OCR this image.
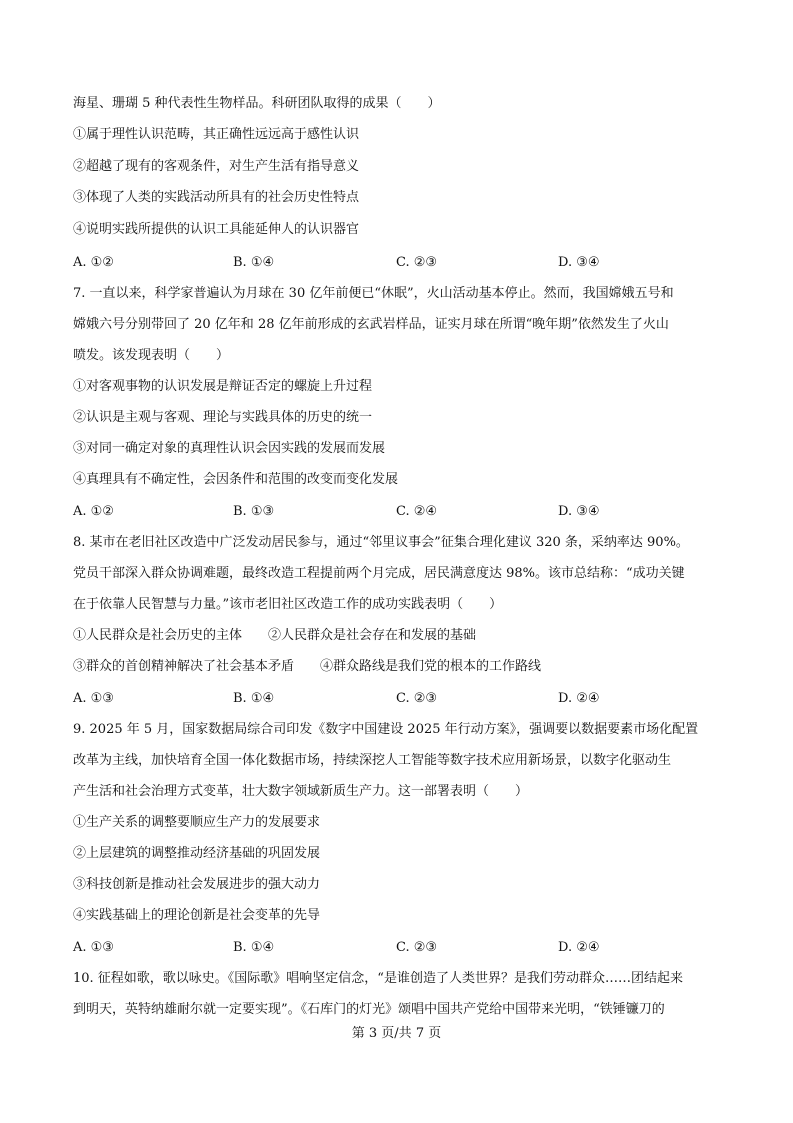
海星、珊瑚 5 种代表性生物样品。科研团队取得的成果（　　）
①属于理性认识范畴，其正确性远远高于感性认识
②超越了现有的客观条件，对生产生活有指导意义
③体现了人类的实践活动所具有的社会历史性特点
④说明实践所提供的认识工具能延伸人的认识器官
A. ①②	B. ①④	C. ②③	D. ③④
7. 一直以来，科学家普遍认为月球在 30 亿年前便已“休眠”，火山活动基本停止。然而，我国嫦娥五号和
嫦娥六号分别带回了 20 亿年和 28 亿年前形成的玄武岩样品，证实月球在所谓“晚年期”依然发生了火山
喷发。该发现表明（　　）
①对客观事物的认识发展是辩证否定的螺旋上升过程
②认识是主观与客观、理论与实践具体的历史的统一
③对同一确定对象的真理性认识会因实践的发展而发展
④真理具有不确定性，会因条件和范围的改变而变化发展
A. ①②	B. ①③	C. ②④	D. ③④
8. 某市在老旧社区改造中广泛发动居民参与，通过“邻里议事会”征集合理化建议 320 条，采纳率达 90%。
党员干部深入群众协调难题，最终改造工程提前两个月完成，居民满意度达 98%。该市总结称：“成功关键
在于依靠人民智慧与力量。”该市老旧社区改造工作的成功实践表明（　　）
①人民群众是社会历史的主体　　②人民群众是社会存在和发展的基础
③群众的首创精神解决了社会基本矛盾　　④群众路线是我们党的根本的工作路线
A. ①③	B. ①④	C. ②③	D. ②④
9. 2025 年 5 月，国家数据局综合司印发《数字中国建设 2025 年行动方案》，强调要以数据要素市场化配置
改革为主线，加快培育全国一体化数据市场，持续深挖人工智能等数字技术应用新场景，以数字化驱动生
产生活和社会治理方式变革，壮大数字领域新质生产力。这一部署表明（　　）
①生产关系的调整要顺应生产力的发展要求
②上层建筑的调整推动经济基础的巩固发展
③科技创新是推动社会发展进步的强大动力
④实践基础上的理论创新是社会变革的先导
A. ①③	B. ①④	C. ②③	D. ②④
10. 征程如歌，歌以咏史。《国际歌》唱响坚定信念，“是谁创造了人类世界？是我们劳动群众……团结起来
到明天，英特纳雄耐尔就一定要实现”。《石库门的灯光》颂唱中国共产党给中国带来光明，“铁锤镰刀的
第 3 页/共 7 页
